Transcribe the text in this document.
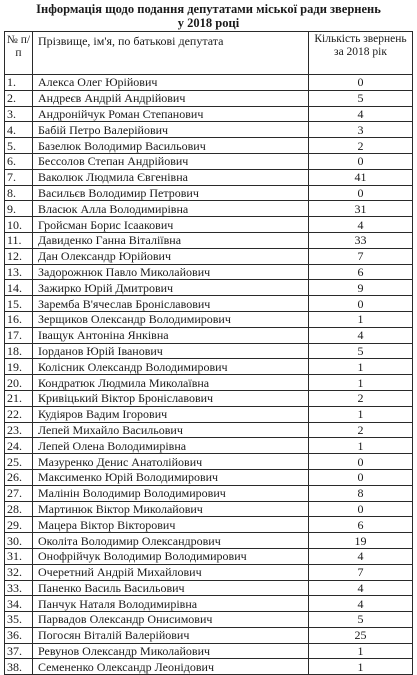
Інформація щодо подання депутатами міської ради звернень
у 2018 році
№ п/п	Прізвище, ім'я, по батькові депутата	Кількість звернень за 2018 рік
1.	Алекса Олег Юрійович	0
2.	Андреєв Андрій Андрійович	5
3.	Андронійчук Роман Степанович	4
4.	Бабій Петро Валерійович	3
5.	Базелюк Володимир Васильович	2
6.	Бессолов Степан Андрійович	0
7.	Ваколюк Людмила Євгенівна	41
8.	Васильєв Володимир Петрович	0
9.	Власюк Алла Володимирівна	31
10.	Гройсман Борис Ісаакович	4
11.	Давиденко Ганна Віталіївна	33
12.	Дан Олександр Юрійович	7
13.	Задорожнюк Павло Миколайович	6
14.	Зажирко Юрій Дмитрович	9
15.	Заремба В'ячеслав Броніславович	0
16.	Зерщиков Олександр Володимирович	1
17.	Іващук Антоніна Янківна	4
18.	Іорданов Юрій Іванович	5
19.	Колісник Олександр Володимирович	1
20.	Кондратюк Людмила Миколаївна	1
21.	Кривіцький Віктор Броніславович	2
22.	Кудіяров Вадим Ігорович	1
23.	Лепей Михайло Васильович	2
24.	Лепей Олена Володимирівна	1
25.	Мазуренко Денис Анатолійович	0
26.	Максименко Юрій Володимирович	0
27.	Малінін Володимир Володимирович	8
28.	Мартинюк Віктор Миколайович	0
29.	Мацера Віктор Вікторович	6
30.	Околіта Володимир Олександрович	19
31.	Онофрійчук Володимир Володимирович	4
32.	Очеретний Андрій Михайлович	7
33.	Паненко Василь Васильович	4
34.	Панчук Наталя Володимирівна	4
35.	Парвадов Олександр Онисимович	5
36.	Погосян Віталій Валерійович	25
37.	Ревунов Олександр Миколайович	1
38.	Семененко Олександр Леонідович	1
